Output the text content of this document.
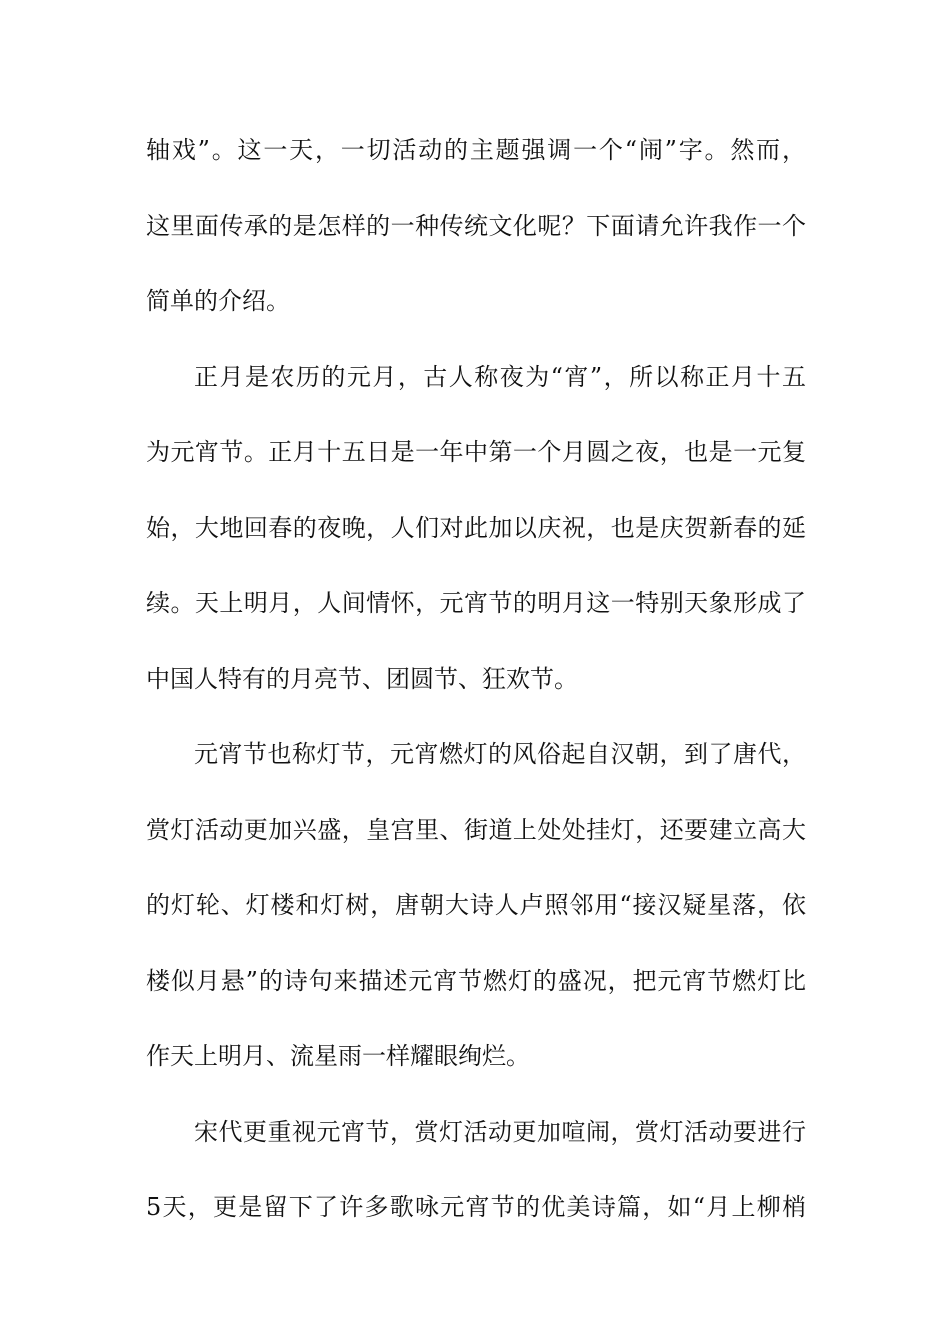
轴戏”。这一天，一切活动的主题强调一个“闹”字。然而，
这里面传承的是怎样的一种传统文化呢？下面请允许我作一个
简单的介绍。
正月是农历的元月，古人称夜为“宵”，所以称正月十五
为元宵节。正月十五日是一年中第一个月圆之夜，也是一元复
始，大地回春的夜晚，人们对此加以庆祝，也是庆贺新春的延
续。天上明月，人间情怀，元宵节的明月这一特别天象形成了
中国人特有的月亮节、团圆节、狂欢节。
元宵节也称灯节，元宵燃灯的风俗起自汉朝，到了唐代，
赏灯活动更加兴盛，皇宫里、街道上处处挂灯，还要建立高大
的灯轮、灯楼和灯树，唐朝大诗人卢照邻用“接汉疑星落，依
楼似月悬”的诗句来描述元宵节燃灯的盛况，把元宵节燃灯比
作天上明月、流星雨一样耀眼绚烂。
宋代更重视元宵节，赏灯活动更加喧闹，赏灯活动要进行
5天，更是留下了许多歌咏元宵节的优美诗篇，如“月上柳梢
